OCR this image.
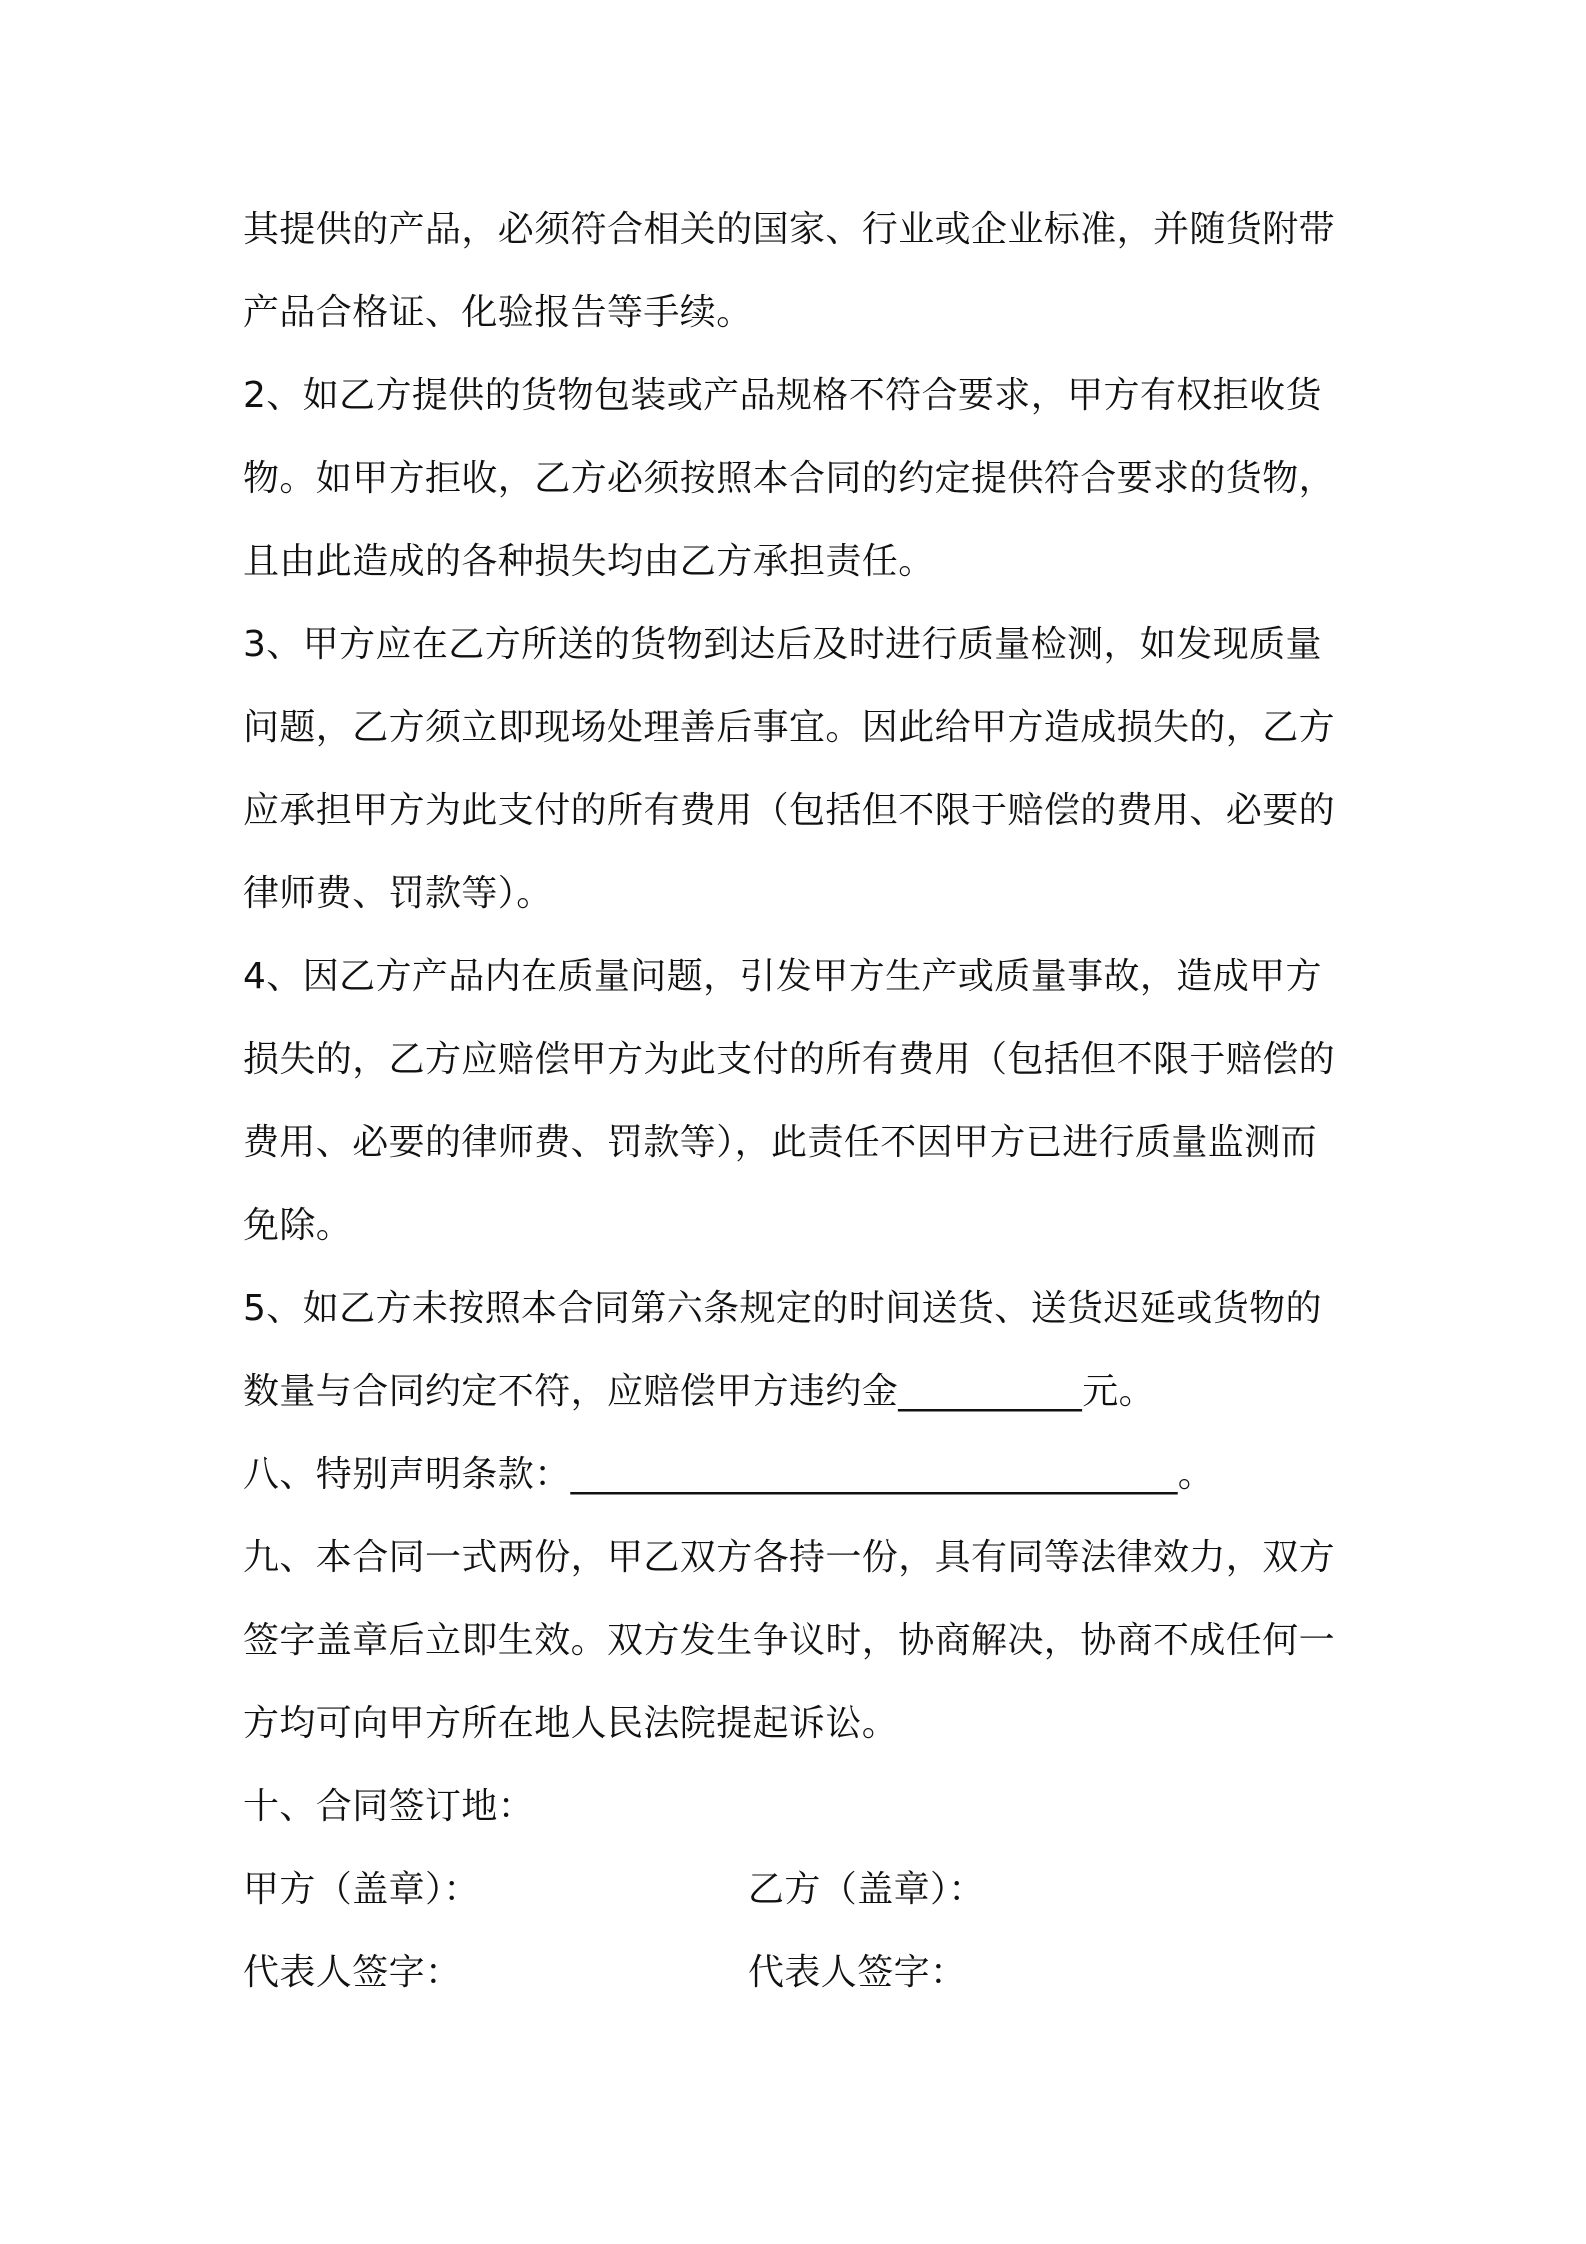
其提供的产品，必须符合相关的国家、行业或企业标准，并随货附带
产品合格证、化验报告等手续。
2、如乙方提供的货物包装或产品规格不符合要求，甲方有权拒收货
物。如甲方拒收，乙方必须按照本合同的约定提供符合要求的货物，
且由此造成的各种损失均由乙方承担责任。
3、甲方应在乙方所送的货物到达后及时进行质量检测，如发现质量
问题，乙方须立即现场处理善后事宜。因此给甲方造成损失的，乙方
应承担甲方为此支付的所有费用（包括但不限于赔偿的费用、必要的
律师费、罚款等）。
4、因乙方产品内在质量问题，引发甲方生产或质量事故，造成甲方
损失的，乙方应赔偿甲方为此支付的所有费用（包括但不限于赔偿的
费用、必要的律师费、罚款等），此责任不因甲方已进行质量监测而
免除。
5、如乙方未按照本合同第六条规定的时间送货、送货迟延或货物的
数量与合同约定不符，应赔偿甲方违约金__________元。
八、特别声明条款：_________________________________。
九、本合同一式两份，甲乙双方各持一份，具有同等法律效力，双方
签字盖章后立即生效。双方发生争议时，协商解决，协商不成任何一
方均可向甲方所在地人民法院提起诉讼。
十、合同签订地：
甲方（盖章）：	乙方（盖章）：
代表人签字：	代表人签字：
